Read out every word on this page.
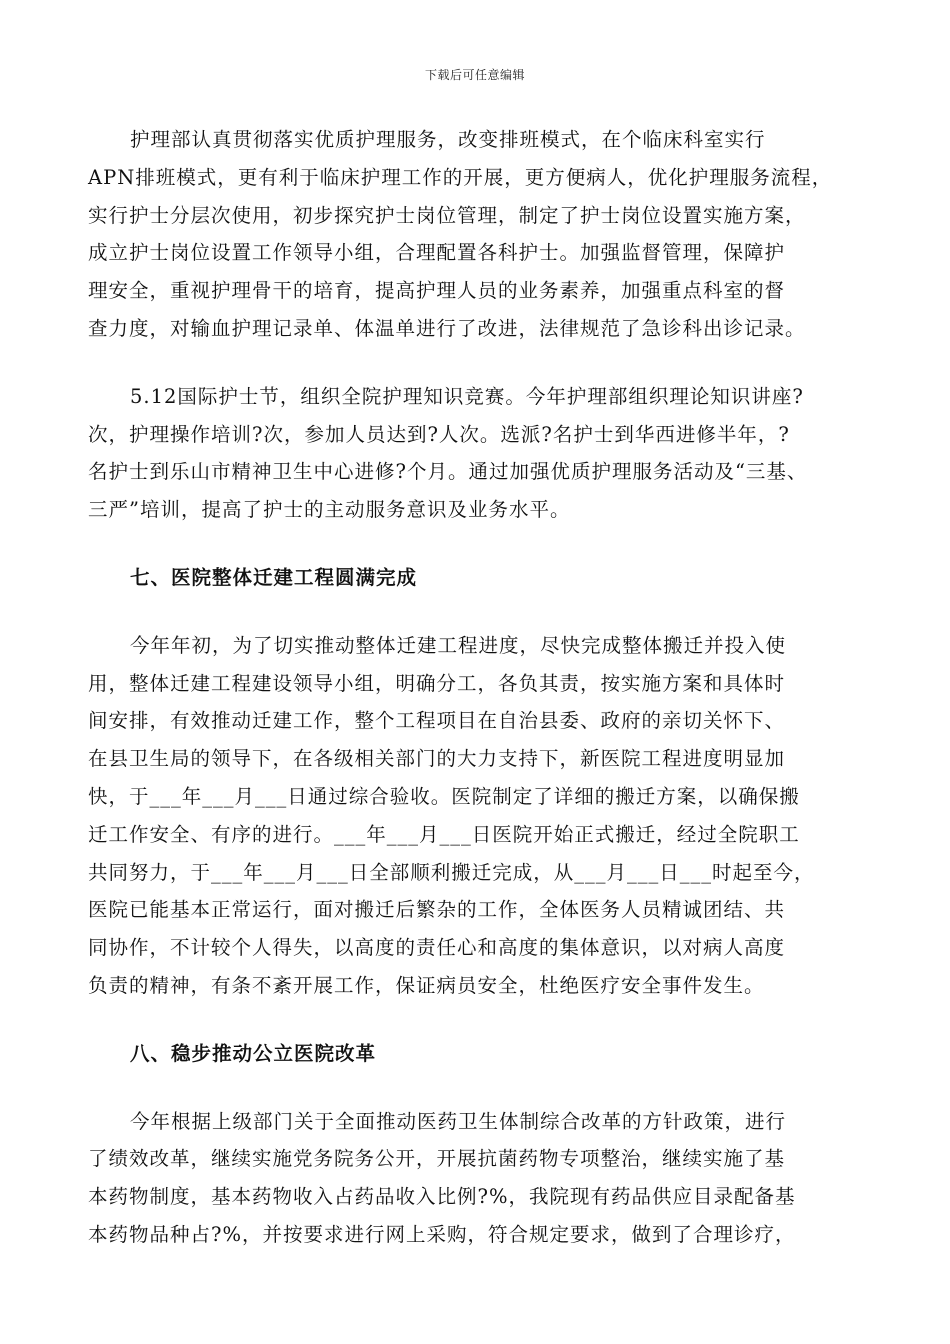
下载后可任意编辑

护理部认真贯彻落实优质护理服务，改变排班模式，在个临床科室实行
APN排班模式，更有利于临床护理工作的开展，更方便病人，优化护理服务流程，
实行护士分层次使用，初步探究护士岗位管理，制定了护士岗位设置实施方案，
成立护士岗位设置工作领导小组，合理配置各科护士。加强监督管理，保障护
理安全，重视护理骨干的培育，提高护理人员的业务素养，加强重点科室的督
查力度，对输血护理记录单、体温单进行了改进，法律规范了急诊科出诊记录。

5.12国际护士节，组织全院护理知识竞赛。今年护理部组织理论知识讲座?
次，护理操作培训?次，参加人员达到?人次。选派?名护士到华西进修半年，?
名护士到乐山市精神卫生中心进修?个月。通过加强优质护理服务活动及“三基、
三严”培训，提高了护士的主动服务意识及业务水平。

七、医院整体迁建工程圆满完成

今年年初，为了切实推动整体迁建工程进度，尽快完成整体搬迁并投入使
用，整体迁建工程建设领导小组，明确分工，各负其责，按实施方案和具体时
间安排，有效推动迁建工作，整个工程项目在自治县委、政府的亲切关怀下、
在县卫生局的领导下，在各级相关部门的大力支持下，新医院工程进度明显加
快，于___年___月___日通过综合验收。医院制定了详细的搬迁方案，以确保搬
迁工作安全、有序的进行。___年___月___日医院开始正式搬迁，经过全院职工
共同努力，于___年___月___日全部顺利搬迁完成，从___月___日___时起至今，
医院已能基本正常运行，面对搬迁后繁杂的工作，全体医务人员精诚团结、共
同协作，不计较个人得失，以高度的责任心和高度的集体意识，以对病人高度
负责的精神，有条不紊开展工作，保证病员安全，杜绝医疗安全事件发生。

八、稳步推动公立医院改革

今年根据上级部门关于全面推动医药卫生体制综合改革的方针政策，进行
了绩效改革，继续实施党务院务公开，开展抗菌药物专项整治，继续实施了基
本药物制度，基本药物收入占药品收入比例?%，我院现有药品供应目录配备基
本药物品种占?%，并按要求进行网上采购，符合规定要求，做到了合理诊疗，
